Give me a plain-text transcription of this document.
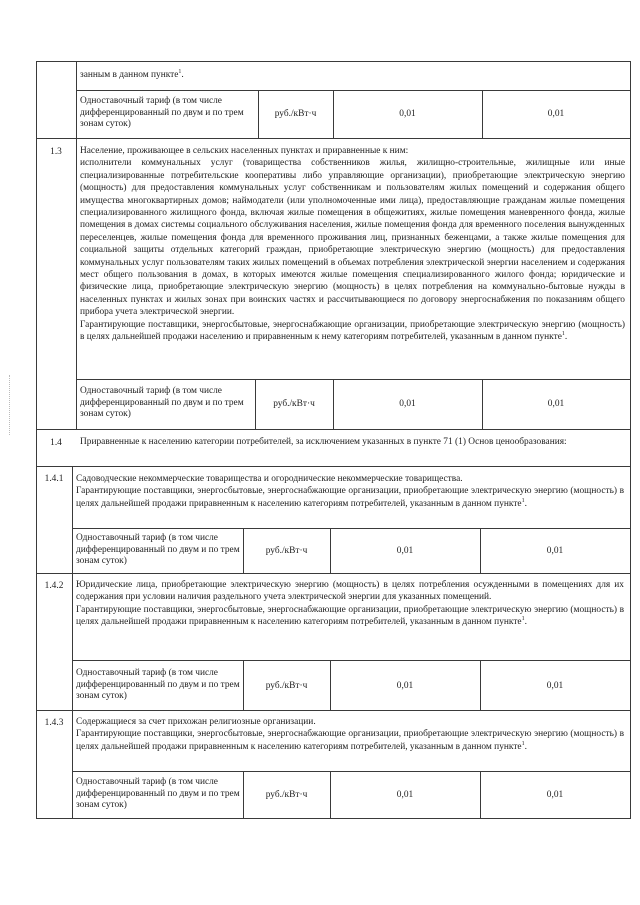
занным в данном пункте$^1$.
Одноставочный тариф (в том числе дифференцированный по двум и по трем зонам суток)
руб./кВт·ч	0,01	0,01
1.3	Население, проживающее в сельских населенных пунктах и приравненные к ним:
исполнители коммунальных услуг (товарищества собственников жилья, жилищно-строительные, жилищные или иные специализированные потребительские кооперативы либо управляющие организации), приобретающие электрическую энергию (мощность) для предоставления коммунальных услуг собственникам и пользователям жилых помещений и содержания общего имущества многоквартирных домов; наймодатели (или уполномоченные ими лица), предоставляющие гражданам жилые помещения специализированного жилищного фонда, включая жилые помещения в общежитиях, жилые помещения маневренного фонда, жилые помещения в домах системы социального обслуживания населения, жилые помещения фонда для временного поселения вынужденных переселенцев, жилые помещения фонда для временного проживания лиц, признанных беженцами, а также жилые помещения для социальной защиты отдельных категорий граждан, приобретающие электрическую энергию (мощность) для предоставления коммунальных услуг пользователям таких жилых помещений в объемах потребления электрической энергии населением и содержания мест общего пользования в домах, в которых имеются жилые помещения специализированного жилого фонда; юридические и физические лица, приобретающие электрическую энергию (мощность) в целях потребления на коммунально-бытовые нужды в населенных пунктах и жилых зонах при воинских частях и рассчитывающиеся по договору энергоснабжения по показаниям общего прибора учета электрической энергии.
Гарантирующие поставщики, энергосбытовые, энергоснабжающие организации, приобретающие электрическую энергию (мощность) в целях дальнейшей продажи населению и приравненным к нему категориям потребителей, указанным в данном пункте$^1$.
Одноставочный тариф (в том числе дифференцированный по двум и по трем зонам суток)
руб./кВт·ч	0,01	0,01
1.4	Приравненные к населению категории потребителей, за исключением указанных в пункте 71 (1) Основ ценообразования:
1.4.1	Садоводческие некоммерческие товарищества и огороднические некоммерческие товарищества.
Гарантирующие поставщики, энергосбытовые, энергоснабжающие организации, приобретающие электрическую энергию (мощность) в целях дальнейшей продажи приравненным к населению категориям потребителей, указанным в данном пункте$^1$.
Одноставочный тариф (в том числе дифференцированный по двум и по трем зонам суток)
руб./кВт·ч	0,01	0,01
1.4.2	Юридические лица, приобретающие электрическую энергию (мощность) в целях потребления осужденными в помещениях для их содержания при условии наличия раздельного учета электрической энергии для указанных помещений.
Гарантирующие поставщики, энергосбытовые, энергоснабжающие организации, приобретающие электрическую энергию (мощность) в целях дальнейшей продажи приравненным к населению категориям потребителей, указанным в данном пункте$^1$.
Одноставочный тариф (в том числе дифференцированный по двум и по трем зонам суток)
руб./кВт·ч	0,01	0,01
1.4.3	Содержащиеся за счет прихожан религиозные организации.
Гарантирующие поставщики, энергосбытовые, энергоснабжающие организации, приобретающие электрическую энергию (мощность) в целях дальнейшей продажи приравненным к населению категориям потребителей, указанным в данном пункте$^1$.
Одноставочный тариф (в том числе дифференцированный по двум и по трем зонам суток)
руб./кВт·ч	0,01	0,01
